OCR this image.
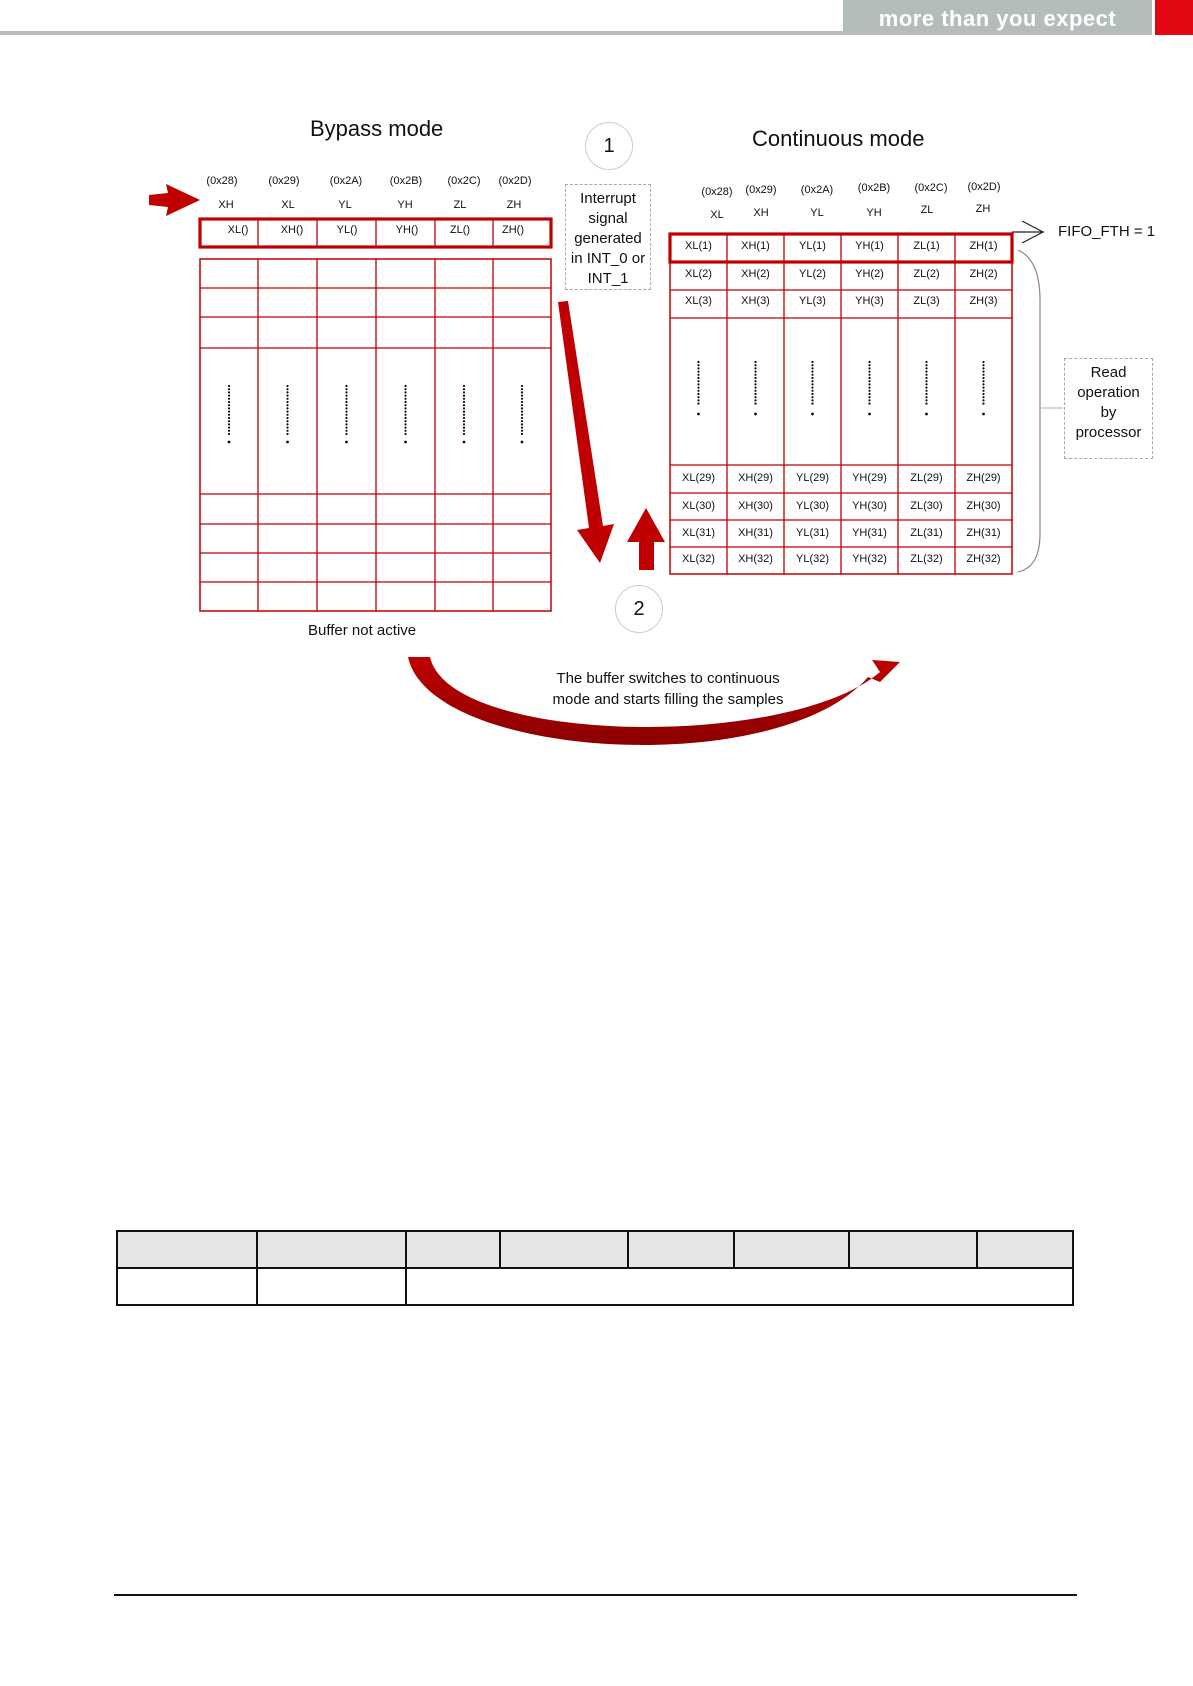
more than you expect
Bypass mode	Continuous mode
(0x28)	(0x29)	(0x2A)	(0x2B)	(0x2C)	(0x2D)
XH	XL	YL	YH	ZL	ZH
XL()	XH()	YL()	YH()	ZL()	ZH()
(0x28)	(0x29)	(0x2A)	(0x2B)	(0x2C)	(0x2D)
XL	XH	YL	YH	ZL	ZH
XL(1)	XH(1)	YL(1)	YH(1)	ZL(1)	ZH(1)
XL(2)	XH(2)	YL(2)	YH(2)	ZL(2)	ZH(2)
XL(3)	XH(3)	YL(3)	YH(3)	ZL(3)	ZH(3)
XL(29)	XH(29)	YL(29)	YH(29)	ZL(29)	ZH(29)
XL(30)	XH(30)	YL(30)	YH(30)	ZL(30)	ZH(30)
XL(31)	XH(31)	YL(31)	YH(31)	ZL(31)	ZH(31)
XL(32)	XH(32)	YL(32)	YH(32)	ZL(32)	ZH(32)
Buffer not active
1
2
Interrupt
signal
generated
in INT_0 or
INT_1
Read
operation
by
processor
FIFO_FTH = 1
The buffer switches to continuous
mode and starts filling the samples
